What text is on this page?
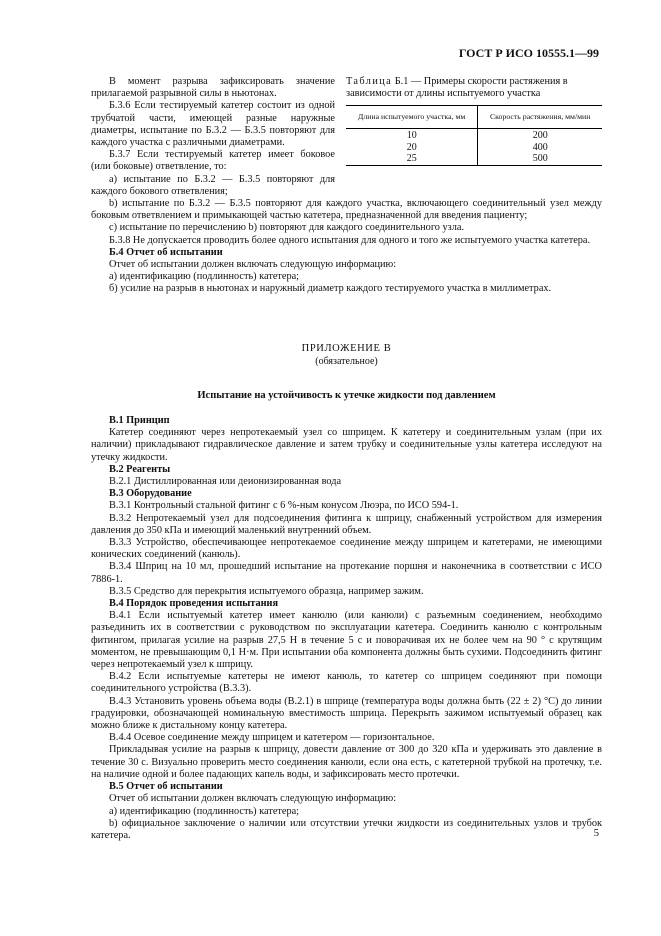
ГОСТ Р ИСО 10555.1—99

В момент разрыва зафиксировать значение прилагаемой разрывной силы в ньютонах.

Б.3.6 Если тестируемый катетер состоит из одной трубчатой части, имеющей разные наружные диаметры, испытание по Б.3.2 — Б.3.5 повторяют для каждого участка с различными диаметрами.

Б.3.7 Если тестируемый катетер имеет боковое (или боковые) ответвление, то:

а) испытание по Б.3.2 — Б.3.5 повторяют для каждого бокового ответвления;

Таблица Б.1 — Примеры скорости растяжения в зависимости от длины испытуемого участка

Длина испытуемого участка, мм	Скорость растяжения, мм/мин
10	200
20	400
25	500

b) испытание по Б.3.2 — Б.3.5 повторяют для каждого участка, включающего соединительный узел между боковым ответвлением и примыкающей частью катетера, предназначенной для введения пациенту;

c) испытание по перечислению b) повторяют для каждого соединительного узла.

Б.3.8 Не допускается проводить более одного испытания для одного и того же испытуемого участка катетера.

Б.4 Отчет об испытании

Отчет об испытании должен включать следующую информацию:

а) идентификацию (подлинность) катетера;

б) усилие на разрыв в ньютонах и наружный диаметр каждого тестируемого участка в миллиметрах.

ПРИЛОЖЕНИЕ В
(обязательное)
Испытание на устойчивость к утечке жидкости под давлением

В.1 Принцип

Катетер соединяют через непротекаемый узел со шприцем. К катетеру и соединительным узлам (при их наличии) прикладывают гидравлическое давление и затем трубку и соединительные узлы катетера исследуют на утечку жидкости.

В.2 Реагенты

В.2.1 Дистиллированная или деионизированная вода

В.3 Оборудование

В.3.1 Контрольный стальной фитинг с 6 %-ным конусом Люэра, по ИСО 594-1.

В.3.2 Непротекаемый узел для подсоединения фитинга к шприцу, снабженный устройством для измерения давления до 350 кПа и имеющий маленький внутренний объем.

В.3.3 Устройство, обеспечивающее непротекаемое соединение между шприцем и катетерами, не имеющими конических соединений (канюль).

В.3.4 Шприц на 10 мл, прошедший испытание на протекание поршня и наконечника в соответствии с ИСО 7886-1.

В.3.5 Средство для перекрытия испытуемого образца, например зажим.

В.4 Порядок проведения испытания

В.4.1 Если испытуемый катетер имеет канюлю (или канюли) с разъемным соединением, необходимо разъединить их в соответствии с руководством по эксплуатации катетера. Соединить канюлю с контрольным фитингом, прилагая усилие на разрыв 27,5 Н в течение 5 с и поворачивая их не более чем на 90 ° с крутящим моментом, не превышающим 0,1 Н·м. При испытании оба компонента должны быть сухими. Подсоединить фитинг через непротекаемый узел к шприцу.

В.4.2 Если испытуемые катетеры не имеют канюль, то катетер со шприцем соединяют при помощи соединительного устройства (В.3.3).

В.4.3 Установить уровень объема воды (В.2.1) в шприце (температура воды должна быть (22 ± 2) °С) до линии градуировки, обозначающей номинальную вместимость шприца. Перекрыть зажимом испытуемый образец как можно ближе к дистальному концу катетера.

В.4.4 Осевое соединение между шприцем и катетером — горизонтальное.

Прикладывая усилие на разрыв к шприцу, довести давление от 300 до 320 кПа и удерживать это давление в течение 30 с. Визуально проверить место соединения канюли, если она есть, с катетерной трубкой на протечку, т.е. на наличие одной и более падающих капель воды, и зафиксировать место протечки.

В.5 Отчет об испытании

Отчет об испытании должен включать следующую информацию:

а) идентификацию (подлинность) катетера;

b) официальное заключение о наличии или отсутствии утечки жидкости из соединительных узлов и трубок катетера.	5
